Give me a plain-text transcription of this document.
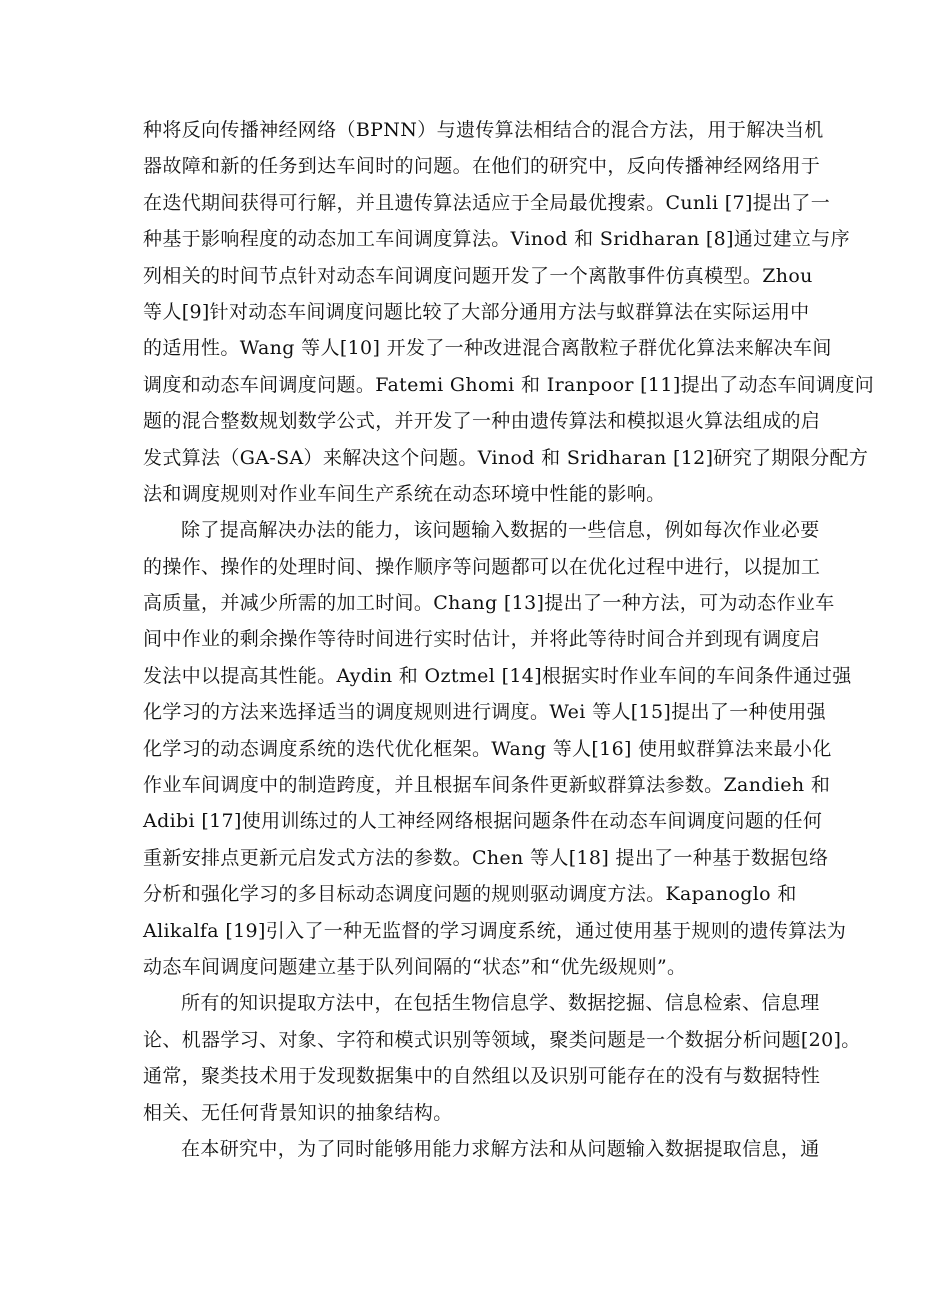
种将反向传播神经网络（BPNN）与遗传算法相结合的混合方法，用于解决当机
器故障和新的任务到达车间时的问题。在他们的研究中，反向传播神经网络用于
在迭代期间获得可行解，并且遗传算法适应于全局最优搜索。Cunli [7]提出了一
种基于影响程度的动态加工车间调度算法。Vinod 和 Sridharan [8]通过建立与序
列相关的时间节点针对动态车间调度问题开发了一个离散事件仿真模型。Zhou
等人[9]针对动态车间调度问题比较了大部分通用方法与蚁群算法在实际运用中
的适用性。Wang 等人[10] 开发了一种改进混合离散粒子群优化算法来解决车间
调度和动态车间调度问题。Fatemi Ghomi 和 Iranpoor [11]提出了动态车间调度问
题的混合整数规划数学公式，并开发了一种由遗传算法和模拟退火算法组成的启
发式算法（GA-SA）来解决这个问题。Vinod 和 Sridharan [12]研究了期限分配方
法和调度规则对作业车间生产系统在动态环境中性能的影响。
除了提高解决办法的能力，该问题输入数据的一些信息，例如每次作业必要
的操作、操作的处理时间、操作顺序等问题都可以在优化过程中进行，以提加工
高质量，并减少所需的加工时间。Chang [13]提出了一种方法，可为动态作业车
间中作业的剩余操作等待时间进行实时估计，并将此等待时间合并到现有调度启
发法中以提高其性能。Aydin 和 Oztmel [14]根据实时作业车间的车间条件通过强
化学习的方法来选择适当的调度规则进行调度。Wei 等人[15]提出了一种使用强
化学习的动态调度系统的迭代优化框架。Wang 等人[16] 使用蚁群算法来最小化
作业车间调度中的制造跨度，并且根据车间条件更新蚁群算法参数。Zandieh 和
Adibi [17]使用训练过的人工神经网络根据问题条件在动态车间调度问题的任何
重新安排点更新元启发式方法的参数。Chen 等人[18] 提出了一种基于数据包络
分析和强化学习的多目标动态调度问题的规则驱动调度方法。Kapanoglo 和
Alikalfa [19]引入了一种无监督的学习调度系统，通过使用基于规则的遗传算法为
动态车间调度问题建立基于队列间隔的“状态”和“优先级规则”。
所有的知识提取方法中，在包括生物信息学、数据挖掘、信息检索、信息理
论、机器学习、对象、字符和模式识别等领域，聚类问题是一个数据分析问题[20]。
通常，聚类技术用于发现数据集中的自然组以及识别可能存在的没有与数据特性
相关、无任何背景知识的抽象结构。
在本研究中，为了同时能够用能力求解方法和从问题输入数据提取信息，通
